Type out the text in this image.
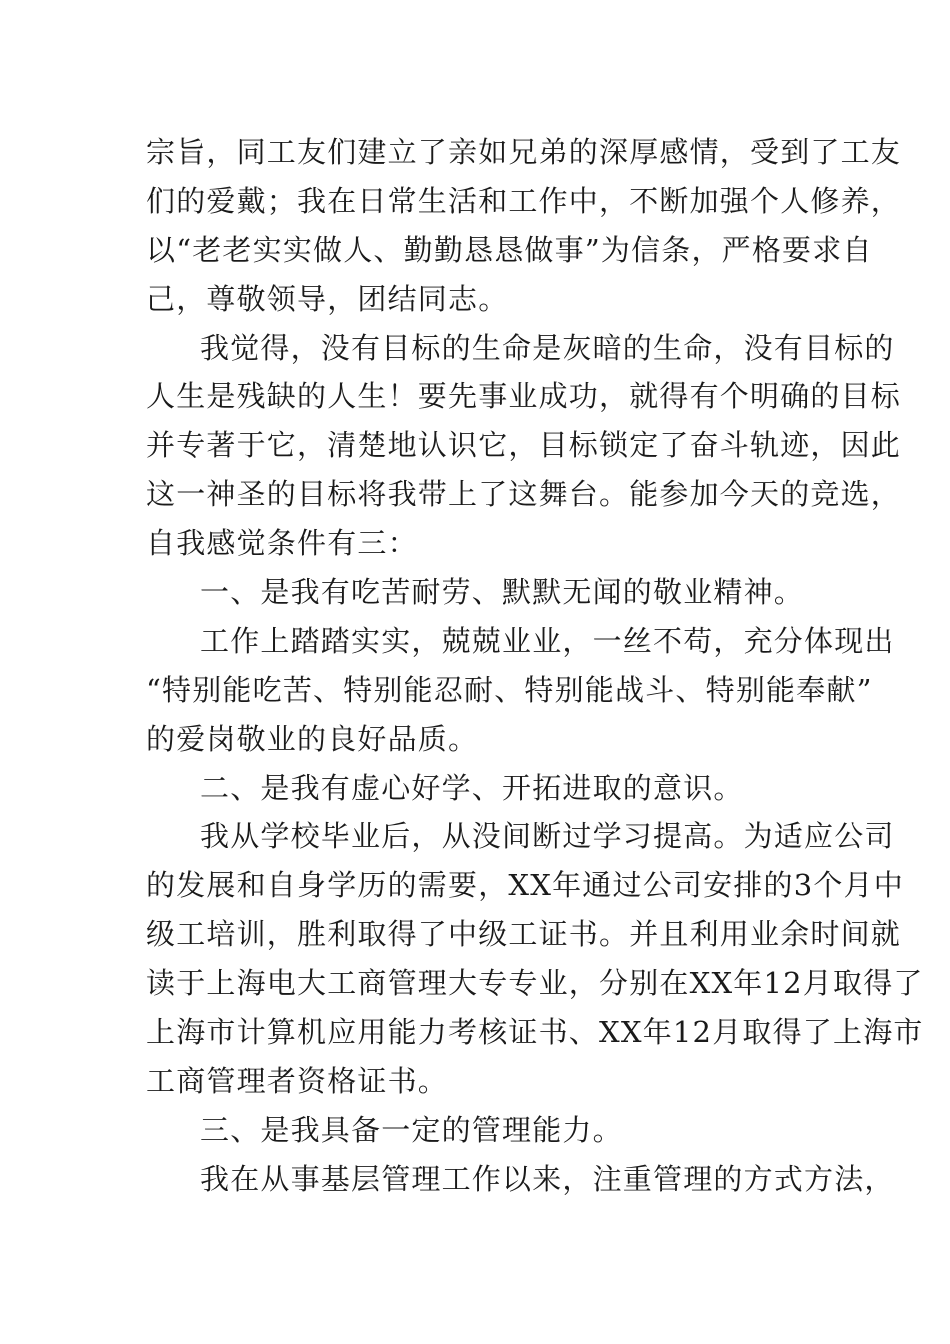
宗旨，同工友们建立了亲如兄弟的深厚感情，受到了工友
们的爱戴；我在日常生活和工作中，不断加强个人修养，
以“老老实实做人、勤勤恳恳做事”为信条，严格要求自
己，尊敬领导，团结同志。

我觉得，没有目标的生命是灰暗的生命，没有目标的
人生是残缺的人生！要先事业成功，就得有个明确的目标
并专著于它，清楚地认识它，目标锁定了奋斗轨迹，因此
这一神圣的目标将我带上了这舞台。能参加今天的竞选，
自我感觉条件有三：

一、是我有吃苦耐劳、默默无闻的敬业精神。

工作上踏踏实实，兢兢业业，一丝不苟，充分体现出
“特别能吃苦、特别能忍耐、特别能战斗、特别能奉献”
的爱岗敬业的良好品质。

二、是我有虚心好学、开拓进取的意识。

我从学校毕业后，从没间断过学习提高。为适应公司
的发展和自身学历的需要，XX年通过公司安排的3个月中
级工培训，胜利取得了中级工证书。并且利用业余时间就
读于上海电大工商管理大专专业，分别在XX年12月取得了
上海市计算机应用能力考核证书、XX年12月取得了上海市
工商管理者资格证书。

三、是我具备一定的管理能力。

我在从事基层管理工作以来，注重管理的方式方法，
